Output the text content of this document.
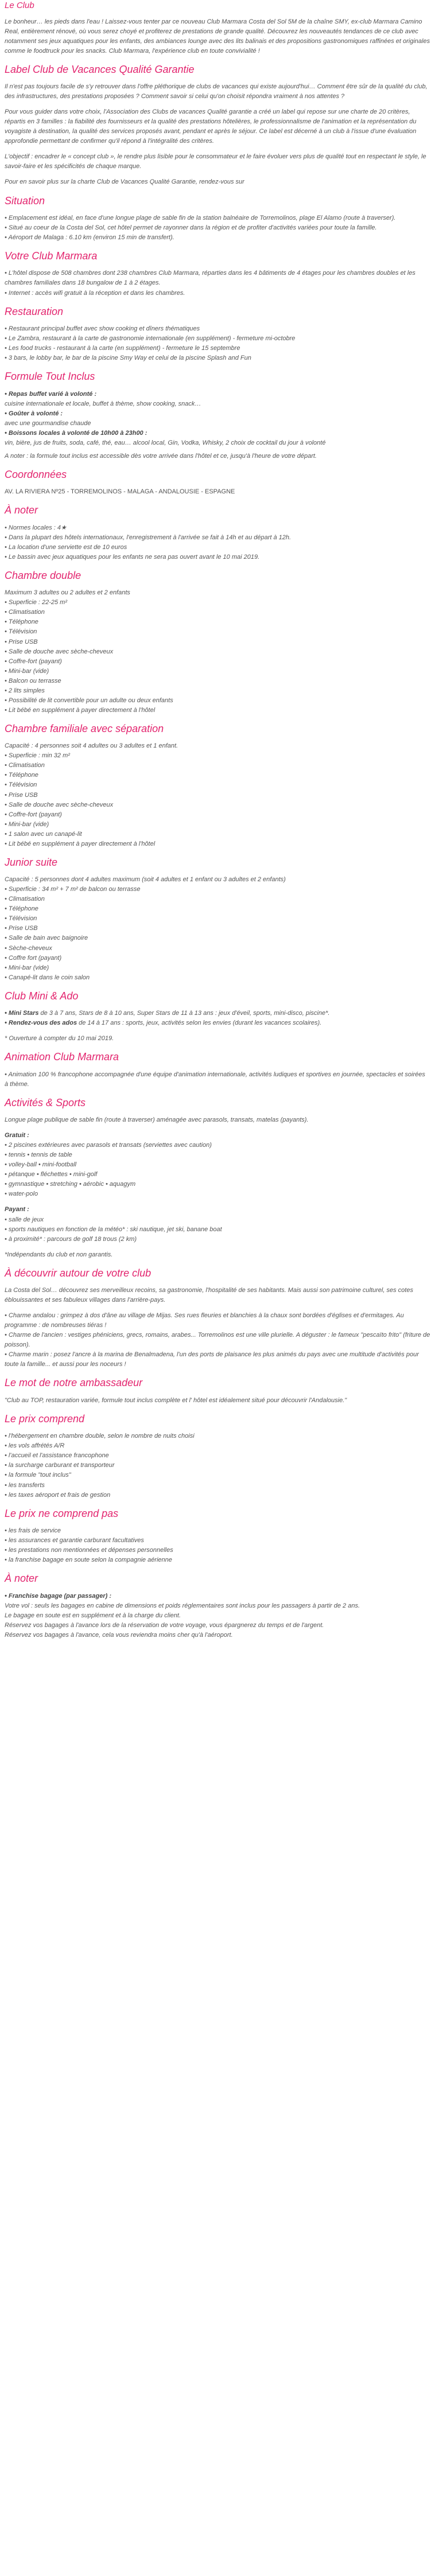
Le Club

Le bonheur… les pieds dans l'eau ! Laissez-vous tenter par ce nouveau Club Marmara Costa del Sol 5M de la chaîne SMY, ex-club Marmara Camino Real, entièrement rénové, où vous serez choyé et profiterez de prestations de grande qualité. Découvrez les nouveautés tendances de ce club avec notamment ses jeux aquatiques pour les enfants, des ambiances lounge avec des lits balinais et des propositions gastronomiques raffinées et originales comme le foodtruck pour les snacks. Club Marmara, l'expérience club en toute convivialité !

Label Club de Vacances Qualité Garantie

Il n'est pas toujours facile de s'y retrouver dans l'offre pléthorique de clubs de vacances qui existe aujourd'hui… Comment être sûr de la qualité du club, des infrastructures, des prestations proposées ? Comment savoir si celui qu'on choisit répondra vraiment à nos attentes ?

Pour vous guider dans votre choix, l'Association des Clubs de vacances Qualité garantie a créé un label qui repose sur une charte de 20 critères, répartis en 3 familles : la fiabilité des fournisseurs et la qualité des prestations hôtelières, le professionnalisme de l'animation et la représentation du voyagiste à destination, la qualité des services proposés avant, pendant et après le séjour. Ce label est décerné à un club à l'issue d'une évaluation approfondie permettant de confirmer qu'il répond à l'intégralité des critères.

L'objectif : encadrer le « concept club », le rendre plus lisible pour le consommateur et le faire évoluer vers plus de qualité tout en respectant le style, le savoir-faire et les spécificités de chaque marque.

Pour en savoir plus sur la charte Club de Vacances Qualité Garantie, rendez-vous sur

Situation
• Emplacement est idéal, en face d'une longue plage de sable fin de la station balnéaire de Torremolinos, plage El Alamo (route à traverser).
• Situé au coeur de la Costa del Sol, cet hôtel permet de rayonner dans la région et de profiter d'activités variées pour toute la famille.
• Aéroport de Malaga : 6.10 km (environ 15 min de transfert).
Votre Club Marmara
• L'hôtel dispose de 508 chambres dont 238 chambres Club Marmara, réparties dans les 4 bâtiments de 4 étages pour les chambres doubles et les chambres familiales dans 18 bungalow de 1 à 2 étages.
• Internet : accès wifi gratuit à la réception et dans les chambres.
Restauration
• Restaurant principal buffet avec show cooking et dîners thématiques
• Le Zambra, restaurant à la carte de gastronomie internationale (en supplément) - fermeture mi-octobre
• Les food trucks - restaurant à la carte (en supplément) - fermeture le 15 septembre
• 3 bars, le lobby bar, le bar de la piscine Smy Way et celui de la piscine Splash and Fun
Formule Tout Inclus
• Repas buffet varié à volonté :
cuisine internationale et locale, buffet à thème, show cooking, snack…
• Goûter à volonté :
avec une gourmandise chaude
• Boissons locales à volonté de 10h00 à 23h00 :
vin, bière, jus de fruits, soda, café, thé, eau… alcool local, Gin, Vodka, Whisky, 2 choix de cocktail du jour à volonté

A noter : la formule tout inclus est accessible dès votre arrivée dans l'hôtel et ce, jusqu'à l'heure de votre départ.

Coordonnées

AV. LA RIVIERA Nº25 - TORREMOLINOS - MALAGA - ANDALOUSIE - ESPAGNE

À noter
• Normes locales : 4★
• Dans la plupart des hôtels internationaux, l'enregistrement à l'arrivée se fait à 14h et au départ à 12h.
• La location d'une serviette est de 10 euros
• Le bassin avec jeux aquatiques pour les enfants ne sera pas ouvert avant le 10 mai 2019.
Chambre double
Maximum 3 adultes ou 2 adultes et 2 enfants
• Superficie : 22-25 m²
• Climatisation
• Téléphone
• Télévision
• Prise USB
• Salle de douche avec sèche-cheveux
• Coffre-fort (payant)
• Mini-bar (vide)
• Balcon ou terrasse
• 2 lits simples
• Possibilité de lit convertible pour un adulte ou deux enfants
• Lit bébé en supplément à payer directement à l'hôtel
Chambre familiale avec séparation
Capacité : 4 personnes soit 4 adultes ou 3 adultes et 1 enfant.
• Superficie : min 32 m²
• Climatisation
• Téléphone
• Télévision
• Prise USB
• Salle de douche avec sèche-cheveux
• Coffre-fort (payant)
• Mini-bar (vide)
• 1 salon avec un canapé-lit
• Lit bébé en supplément à payer directement à l'hôtel
Junior suite
Capacité : 5 personnes dont 4 adultes maximum (soit 4 adultes et 1 enfant ou 3 adultes et 2 enfants)
• Superficie : 34 m² + 7 m² de balcon ou terrasse
• Climatisation
• Téléphone
• Télévision
• Prise USB
• Salle de bain avec baignoire
• Sèche-cheveux
• Coffre fort (payant)
• Mini-bar (vide)
• Canapé-lit dans le coin salon
Club Mini & Ado
• Mini Stars de 3 à 7 ans, Stars de 8 à 10 ans, Super Stars de 11 à 13 ans : jeux d'éveil, sports, mini-disco, piscine*.
• Rendez-vous des ados de 14 à 17 ans : sports, jeux, activités selon les envies (durant les vacances scolaires).

* Ouverture à compter du 10 mai 2019.

Animation Club Marmara

• Animation 100 % francophone accompagnée d'une équipe d'animation internationale, activités ludiques et sportives en journée, spectacles et soirées à thème.

Activités & Sports

Longue plage publique de sable fin (route à traverser) aménagée avec parasols, transats, matelas (payants).

Gratuit :
• 2 piscines extérieures avec parasols et transats (serviettes avec caution)
• tennis • tennis de table
• volley-ball • mini-football
• pétanque • fléchettes • mini-golf
• gymnastique • stretching • aérobic • aquagym
• water-polo
Payant :
• salle de jeux
• sports nautiques en fonction de la météo* : ski nautique, jet ski, banane boat
• à proximité* : parcours de golf 18 trous (2 km)

*Indépendants du club et non garantis.

À découvrir autour de votre club

La Costa del Sol… découvrez ses merveilleux recoins, sa gastronomie, l'hospitalité de ses habitants. Mais aussi son patrimoine culturel, ses cotes éblouissantes et ses fabuleux villages dans l'arrière-pays.

• Charme andalou : grimpez à dos d'âne au village de Mijas. Ses rues fleuries et blanchies à la chaux sont bordées d'églises et d'ermitages. Au programme : de nombreuses tiéras !
• Charme de l'ancien : vestiges phéniciens, grecs, romains, arabes... Torremolinos est une ville plurielle. A déguster : le fameux "pescaïto frito" (friture de poisson).
• Charme marin : posez l'ancre à la marina de Benalmadena, l'un des ports de plaisance les plus animés du pays avec une multitude d'activités pour toute la famille... et aussi pour les noceurs !
Le mot de notre ambassadeur

"Club au TOP, restauration variée, formule tout inclus complète et l' hôtel est idéalement situé pour découvrir l'Andalousie."

Le prix comprend
• l'hébergement en chambre double, selon le nombre de nuits choisi
• les vols affrétés A/R
• l'accueil et l'assistance francophone
• la surcharge carburant et transporteur
• la formule "tout inclus"
• les transferts
• les taxes aéroport et frais de gestion
Le prix ne comprend pas
• les frais de service
• les assurances et garantie carburant facultatives
• les prestations non mentionnées et dépenses personnelles
• la franchise bagage en soute selon la compagnie aérienne
À noter
• Franchise bagage (par passager) :
Votre vol : seuls les bagages en cabine de dimensions et poids réglementaires sont inclus pour les passagers à partir de 2 ans.
Le bagage en soute est en supplément et à la charge du client.
Réservez vos bagages à l'avance lors de la réservation de votre voyage, vous épargnerez du temps et de l'argent.
Réservez vos bagages à l'avance, cela vous reviendra moins cher qu'à l'aéroport.
